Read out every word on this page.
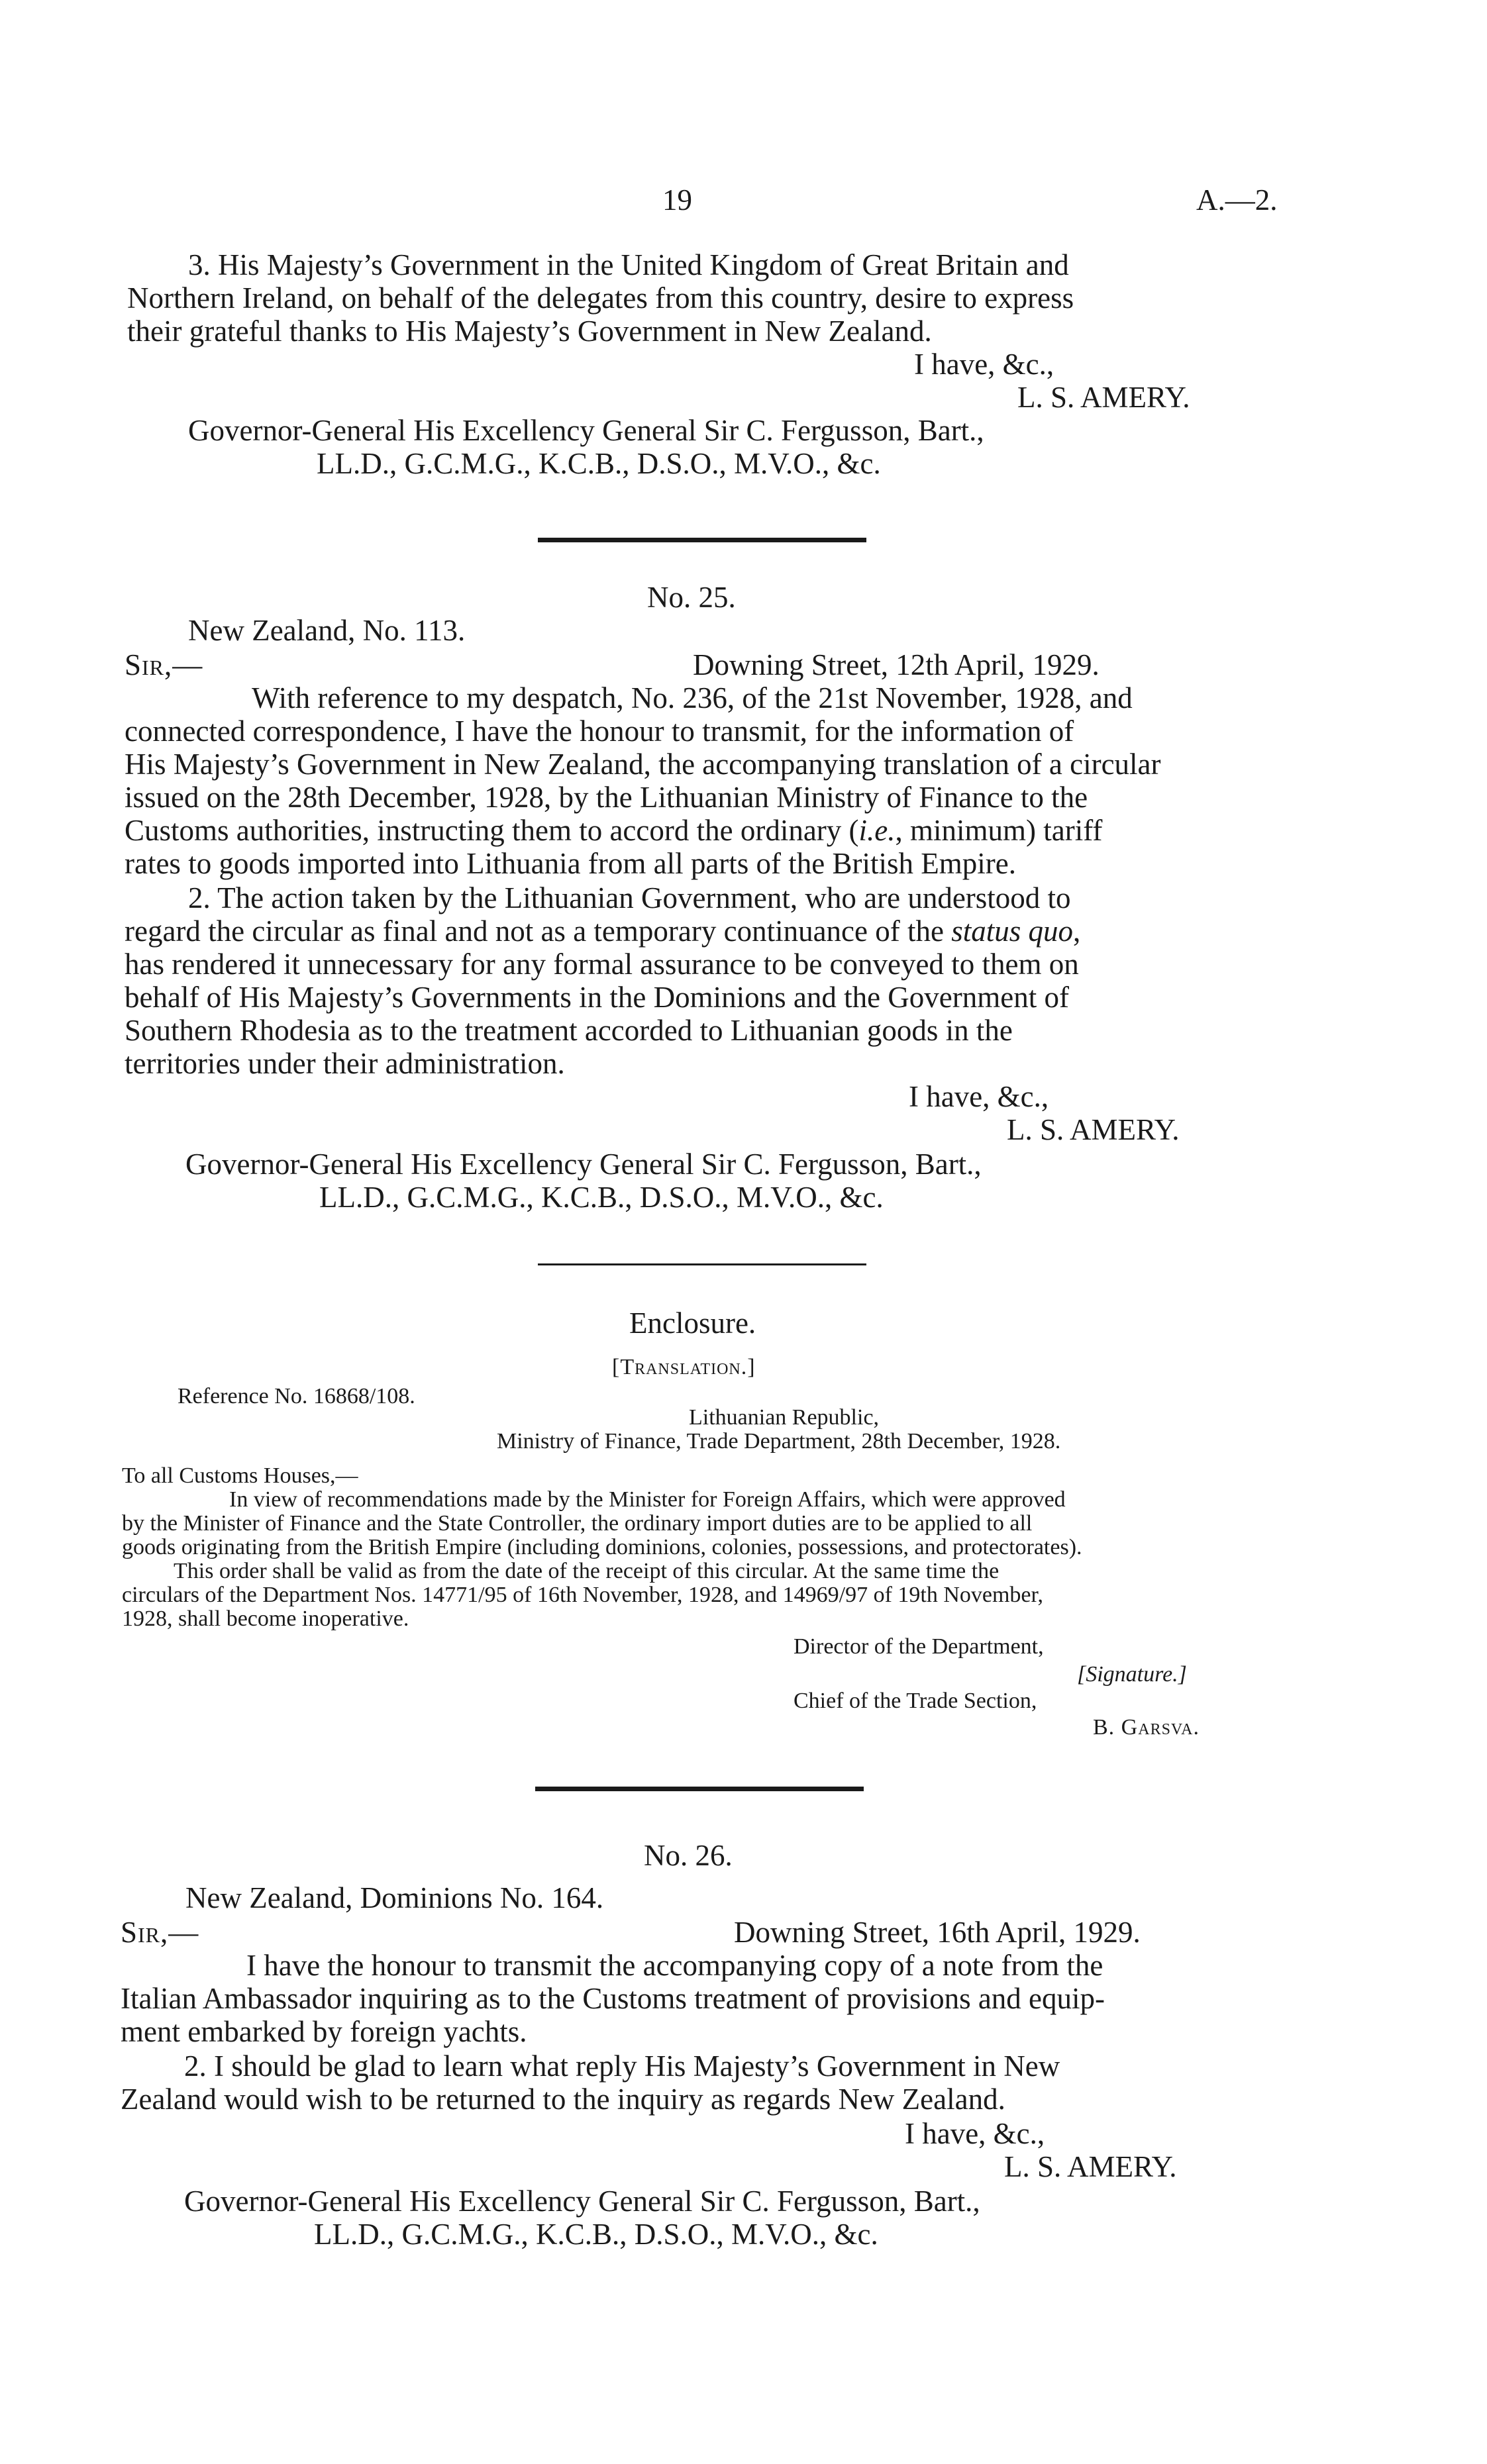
19	A.—2.
3. His Majesty’s Government in the United Kingdom of Great Britain and
Northern Ireland, on behalf of the delegates from this country, desire to express
their grateful thanks to His Majesty’s Government in New Zealand.
I have, &c.,
L. S. AMERY.
Governor-General His Excellency General Sir C. Fergusson, Bart.,
LL.D., G.C.M.G., K.C.B., D.S.O., M.V.O., &c.
No. 25.
New Zealand, No. 113.
Sir,—	Downing Street, 12th April, 1929.
With reference to my despatch, No. 236, of the 21st November, 1928, and
connected correspondence, I have the honour to transmit, for the information of
His Majesty’s Government in New Zealand, the accompanying translation of a circular
issued on the 28th December, 1928, by the Lithuanian Ministry of Finance to the
Customs authorities, instructing them to accord the ordinary (i.e., minimum) tariff
rates to goods imported into Lithuania from all parts of the British Empire.
2. The action taken by the Lithuanian Government, who are understood to
regard the circular as final and not as a temporary continuance of the status quo,
has rendered it unnecessary for any formal assurance to be conveyed to them on
behalf of His Majesty’s Governments in the Dominions and the Government of
Southern Rhodesia as to the treatment accorded to Lithuanian goods in the
territories under their administration.
I have, &c.,
L. S. AMERY.
Governor-General His Excellency General Sir C. Fergusson, Bart.,
LL.D., G.C.M.G., K.C.B., D.S.O., M.V.O., &c.
Enclosure.
[Translation.]
Reference No. 16868/108.
Lithuanian Republic,
Ministry of Finance, Trade Department, 28th December, 1928.
To all Customs Houses,—
In view of recommendations made by the Minister for Foreign Affairs, which were approved
by the Minister of Finance and the State Controller, the ordinary import duties are to be applied to all
goods originating from the British Empire (including dominions, colonies, possessions, and protectorates).
This order shall be valid as from the date of the receipt of this circular. At the same time the
circulars of the Department Nos. 14771/95 of 16th November, 1928, and 14969/97 of 19th November,
1928, shall become inoperative.
Director of the Department,
[Signature.]
Chief of the Trade Section,
B. Garsva.
No. 26.
New Zealand, Dominions No. 164.
Sir,—	Downing Street, 16th April, 1929.
I have the honour to transmit the accompanying copy of a note from the
Italian Ambassador inquiring as to the Customs treatment of provisions and equip-
ment embarked by foreign yachts.
2. I should be glad to learn what reply His Majesty’s Government in New
Zealand would wish to be returned to the inquiry as regards New Zealand.
I have, &c.,
L. S. AMERY.
Governor-General His Excellency General Sir C. Fergusson, Bart.,
LL.D., G.C.M.G., K.C.B., D.S.O., M.V.O., &c.
